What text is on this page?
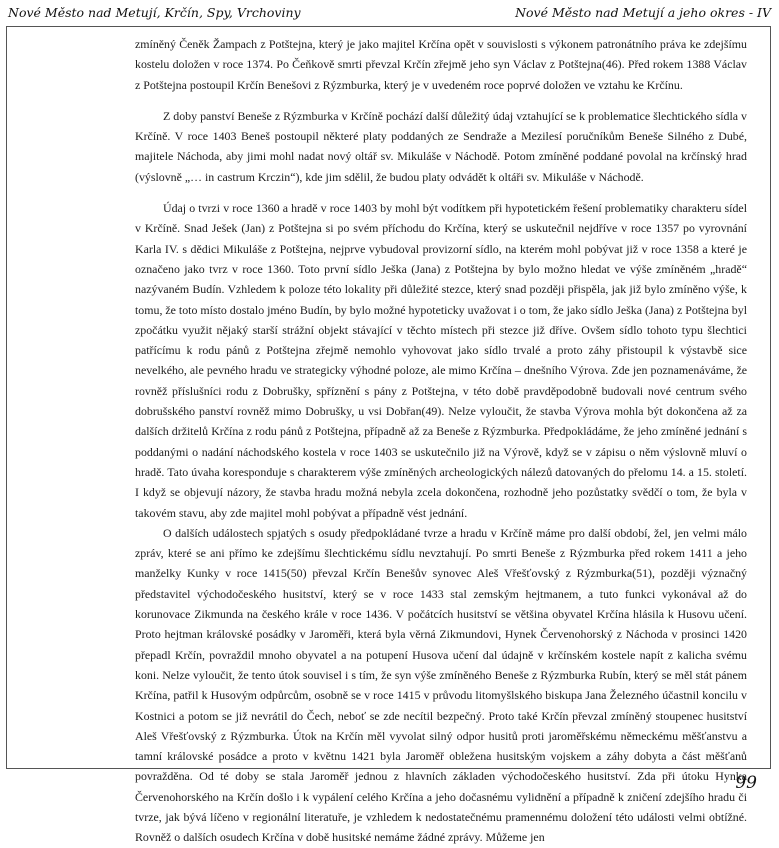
Nové Město nad Metují, Krčín, Spy, Vrchoviny	Nové Město nad Metují a jeho okres - IV

zmíněný Čeněk Žampach z Potštejna, který je jako majitel Krčína opět v souvislosti s výkonem patronátního práva ke zdejšímu kostelu doložen v roce 1374. Po Čeňkově smrti převzal Krčín zřejmě jeho syn Václav z Potštejna(46). Před rokem 1388 Václav z Potštejna postoupil Krčín Benešovi z Rýzmburka, který je v uvedeném roce poprvé doložen ve vztahu ke Krčínu.

Z doby panství Beneše z Rýzmburka v Krčíně pochází další důležitý údaj vztahující se k problematice šlechtického sídla v Krčíně. V roce 1403 Beneš postoupil některé platy poddaných ze Sendraže a Mezilesí poručníkům Beneše Silného z Dubé, majitele Náchoda, aby jimi mohl nadat nový oltář sv. Mikuláše v Náchodě. Potom zmíněné poddané povolal na krčínský hrad (výslovně „… in castrum Krczin“), kde jim sdělil, že budou platy odvádět k oltáři sv. Mikuláše v Náchodě.

Údaj o tvrzi v roce 1360 a hradě v roce 1403 by mohl být vodítkem při hypotetickém řešení problematiky charakteru sídel v Krčíně. Snad Ješek (Jan) z Potštejna si po svém příchodu do Krčína, který se uskutečnil nejdříve v roce 1357 po vyrovnání Karla IV. s dědici Mikuláše z Potštejna, nejprve vybudoval provizorní sídlo, na kterém mohl pobývat již v roce 1358 a které je označeno jako tvrz v roce 1360. Toto první sídlo Ješka (Jana) z Potštejna by bylo možno hledat ve výše zmíněném „hradě“ nazývaném Budín. Vzhledem k poloze této lokality při důležité stezce, který snad později přispěla, jak již bylo zmíněno výše, k tomu, že toto místo dostalo jméno Budín, by bylo možné hypoteticky uvažovat i o tom, že jako sídlo Ješka (Jana) z Potštejna byl zpočátku využit nějaký starší strážní objekt stávající v těchto místech při stezce již dříve. Ovšem sídlo tohoto typu šlechtici patřícímu k rodu pánů z Potštejna zřejmě nemohlo vyhovovat jako sídlo trvalé a proto záhy přistoupil k výstavbě sice nevelkého, ale pevného hradu ve strategicky výhodné poloze, ale mimo Krčína – dnešního Výrova. Zde jen poznamenáváme, že rovněž příslušníci rodu z Dobrušky, spříznění s pány z Potštejna, v této době pravděpodobně budovali nové centrum svého dobrušského panství rovněž mimo Dobrušky, u vsi Dobřan(49). Nelze vyloučit, že stavba Výrova mohla být dokončena až za dalších držitelů Krčína z rodu pánů z Potštejna, případně až za Beneše z Rýzmburka. Předpokládáme, že jeho zmíněné jednání s poddanými o nadání náchodského kostela v roce 1403 se uskutečnilo již na Výrově, když se v zápisu o něm výslovně mluví o hradě. Tato úvaha koresponduje s charakterem výše zmíněných archeologických nálezů datovaných do přelomu 14. a 15. století. I když se objevují názory, že stavba hradu možná nebyla zcela dokončena, rozhodně jeho pozůstatky svědčí o tom, že byla v takovém stavu, aby zde majitel mohl pobývat a případně vést jednání.

O dalších událostech spjatých s osudy předpokládané tvrze a hradu v Krčíně máme pro další období, žel, jen velmi málo zpráv, které se ani přímo ke zdejšímu šlechtickému sídlu nevztahují. Po smrti Beneše z Rýzmburka před rokem 1411 a jeho manželky Kunky v roce 1415(50) převzal Krčín Benešův synovec Aleš Vřešťovský z Rýzmburka(51), později význačný představitel východočeského husitství, který se v roce 1433 stal zemským hejtmanem, a tuto funkci vykonával až do korunovace Zikmunda na českého krále v roce 1436. V počátcích husitství se většina obyvatel Krčína hlásila k Husovu učení. Proto hejtman královské posádky v Jaroměři, která byla věrná Zikmundovi, Hynek Červenohorský z Náchoda v prosinci 1420 přepadl Krčín, povraždil mnoho obyvatel a na potupení Husova učení dal údajně v krčínském kostele napít z kalicha svému koni. Nelze vyloučit, že tento útok souvisel i s tím, že syn výše zmíněného Beneše z Rýzmburka Rubín, který se měl stát pánem Krčína, patřil k Husovým odpůrcům, osobně se v roce 1415 v průvodu litomyšlského biskupa Jana Železného účastnil koncilu v Kostnici a potom se již nevrátil do Čech, neboť se zde necítil bezpečný. Proto také Krčín převzal zmíněný stoupenec husitství Aleš Vřešťovský z Rýzmburka. Útok na Krčín měl vyvolat silný odpor husitů proti jaroměřskému německému měšťanstvu a tamní královské posádce a proto v květnu 1421 byla Jaroměř obležena husitským vojskem a záhy dobyta a část měšťanů povražděna. Od té doby se stala Jaroměř jednou z hlavních základen východočeského husitství. Zda při útoku Hynka Červenohorského na Krčín došlo i k vypálení celého Krčína a jeho dočasnému vylidnění a případně k zničení zdejšího hradu či tvrze, jak bývá líčeno v regionální literatuře, je vzhledem k nedostatečnému pramennému doložení této události velmi obtížné. Rovněž o dalších osudech Krčína v době husitské nemáme žádné zprávy. Můžeme jen

99
